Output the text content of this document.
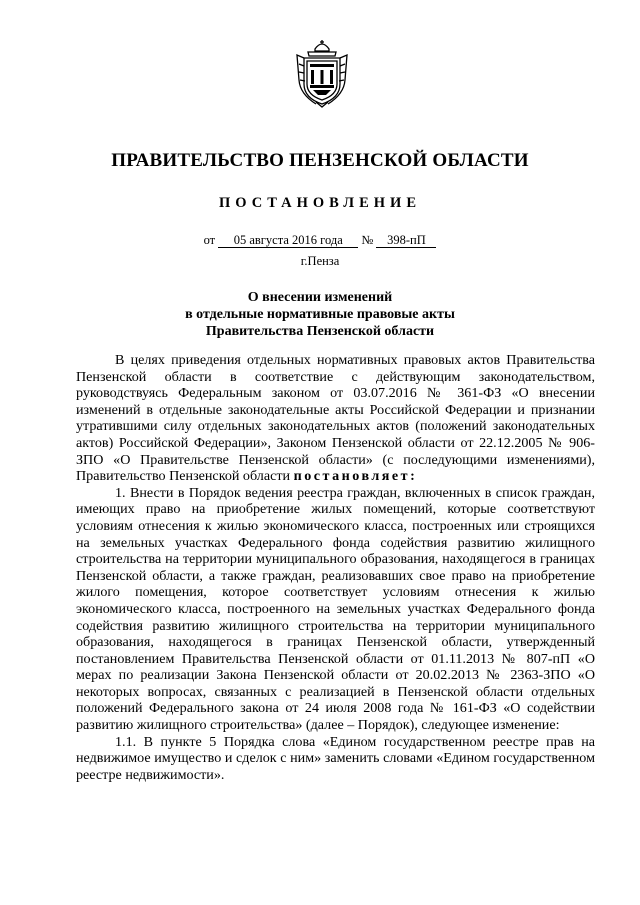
ПРАВИТЕЛЬСТВО ПЕНЗЕНСКОЙ ОБЛАСТИ
ПОСТАНОВЛЕНИЕ
от 05 августа 2016 года № 398-пП
г.Пенза
О внесении изменений
в отдельные нормативные правовые акты
Правительства Пензенской области

В целях приведения отдельных нормативных правовых актов Правительства Пензенской области в соответствие с действующим законодательством, руководствуясь Федеральным законом от 03.07.2016 № 361-ФЗ «О внесении изменений в отдельные законодательные акты Российской Федерации и признании утратившими силу отдельных законодательных актов (положений законодательных актов) Российской Федерации», Законом Пензенской области от 22.12.2005 № 906-ЗПО «О Правительстве Пензенской области» (с последующими изменениями), Правительство Пензенской области постановляет:

1. Внести в Порядок ведения реестра граждан, включенных в список граждан, имеющих право на приобретение жилых помещений, которые соответствуют условиям отнесения к жилью экономического класса, построенных или строящихся на земельных участках Федерального фонда содействия развитию жилищного строительства на территории муниципального образования, находящегося в границах Пензенской области, а также граждан, реализовавших свое право на приобретение жилого помещения, которое соответствует условиям отнесения к жилью экономического класса, построенного на земельных участках Федерального фонда содействия развитию жилищного строительства на территории муниципального образования, находящегося в границах Пензенской области, утвержденный постановлением Правительства Пензенской области от 01.11.2013 № 807-пП «О мерах по реализации Закона Пензенской области от 20.02.2013 № 2363-ЗПО «О некоторых вопросах, связанных с реализацией в Пензенской области отдельных положений Федерального закона от 24 июля 2008 года № 161-ФЗ «О содействии развитию жилищного строительства» (далее – Порядок), следующее изменение:

1.1. В пункте 5 Порядка слова «Едином государственном реестре прав на недвижимое имущество и сделок с ним» заменить словами «Едином государственном реестре недвижимости».
